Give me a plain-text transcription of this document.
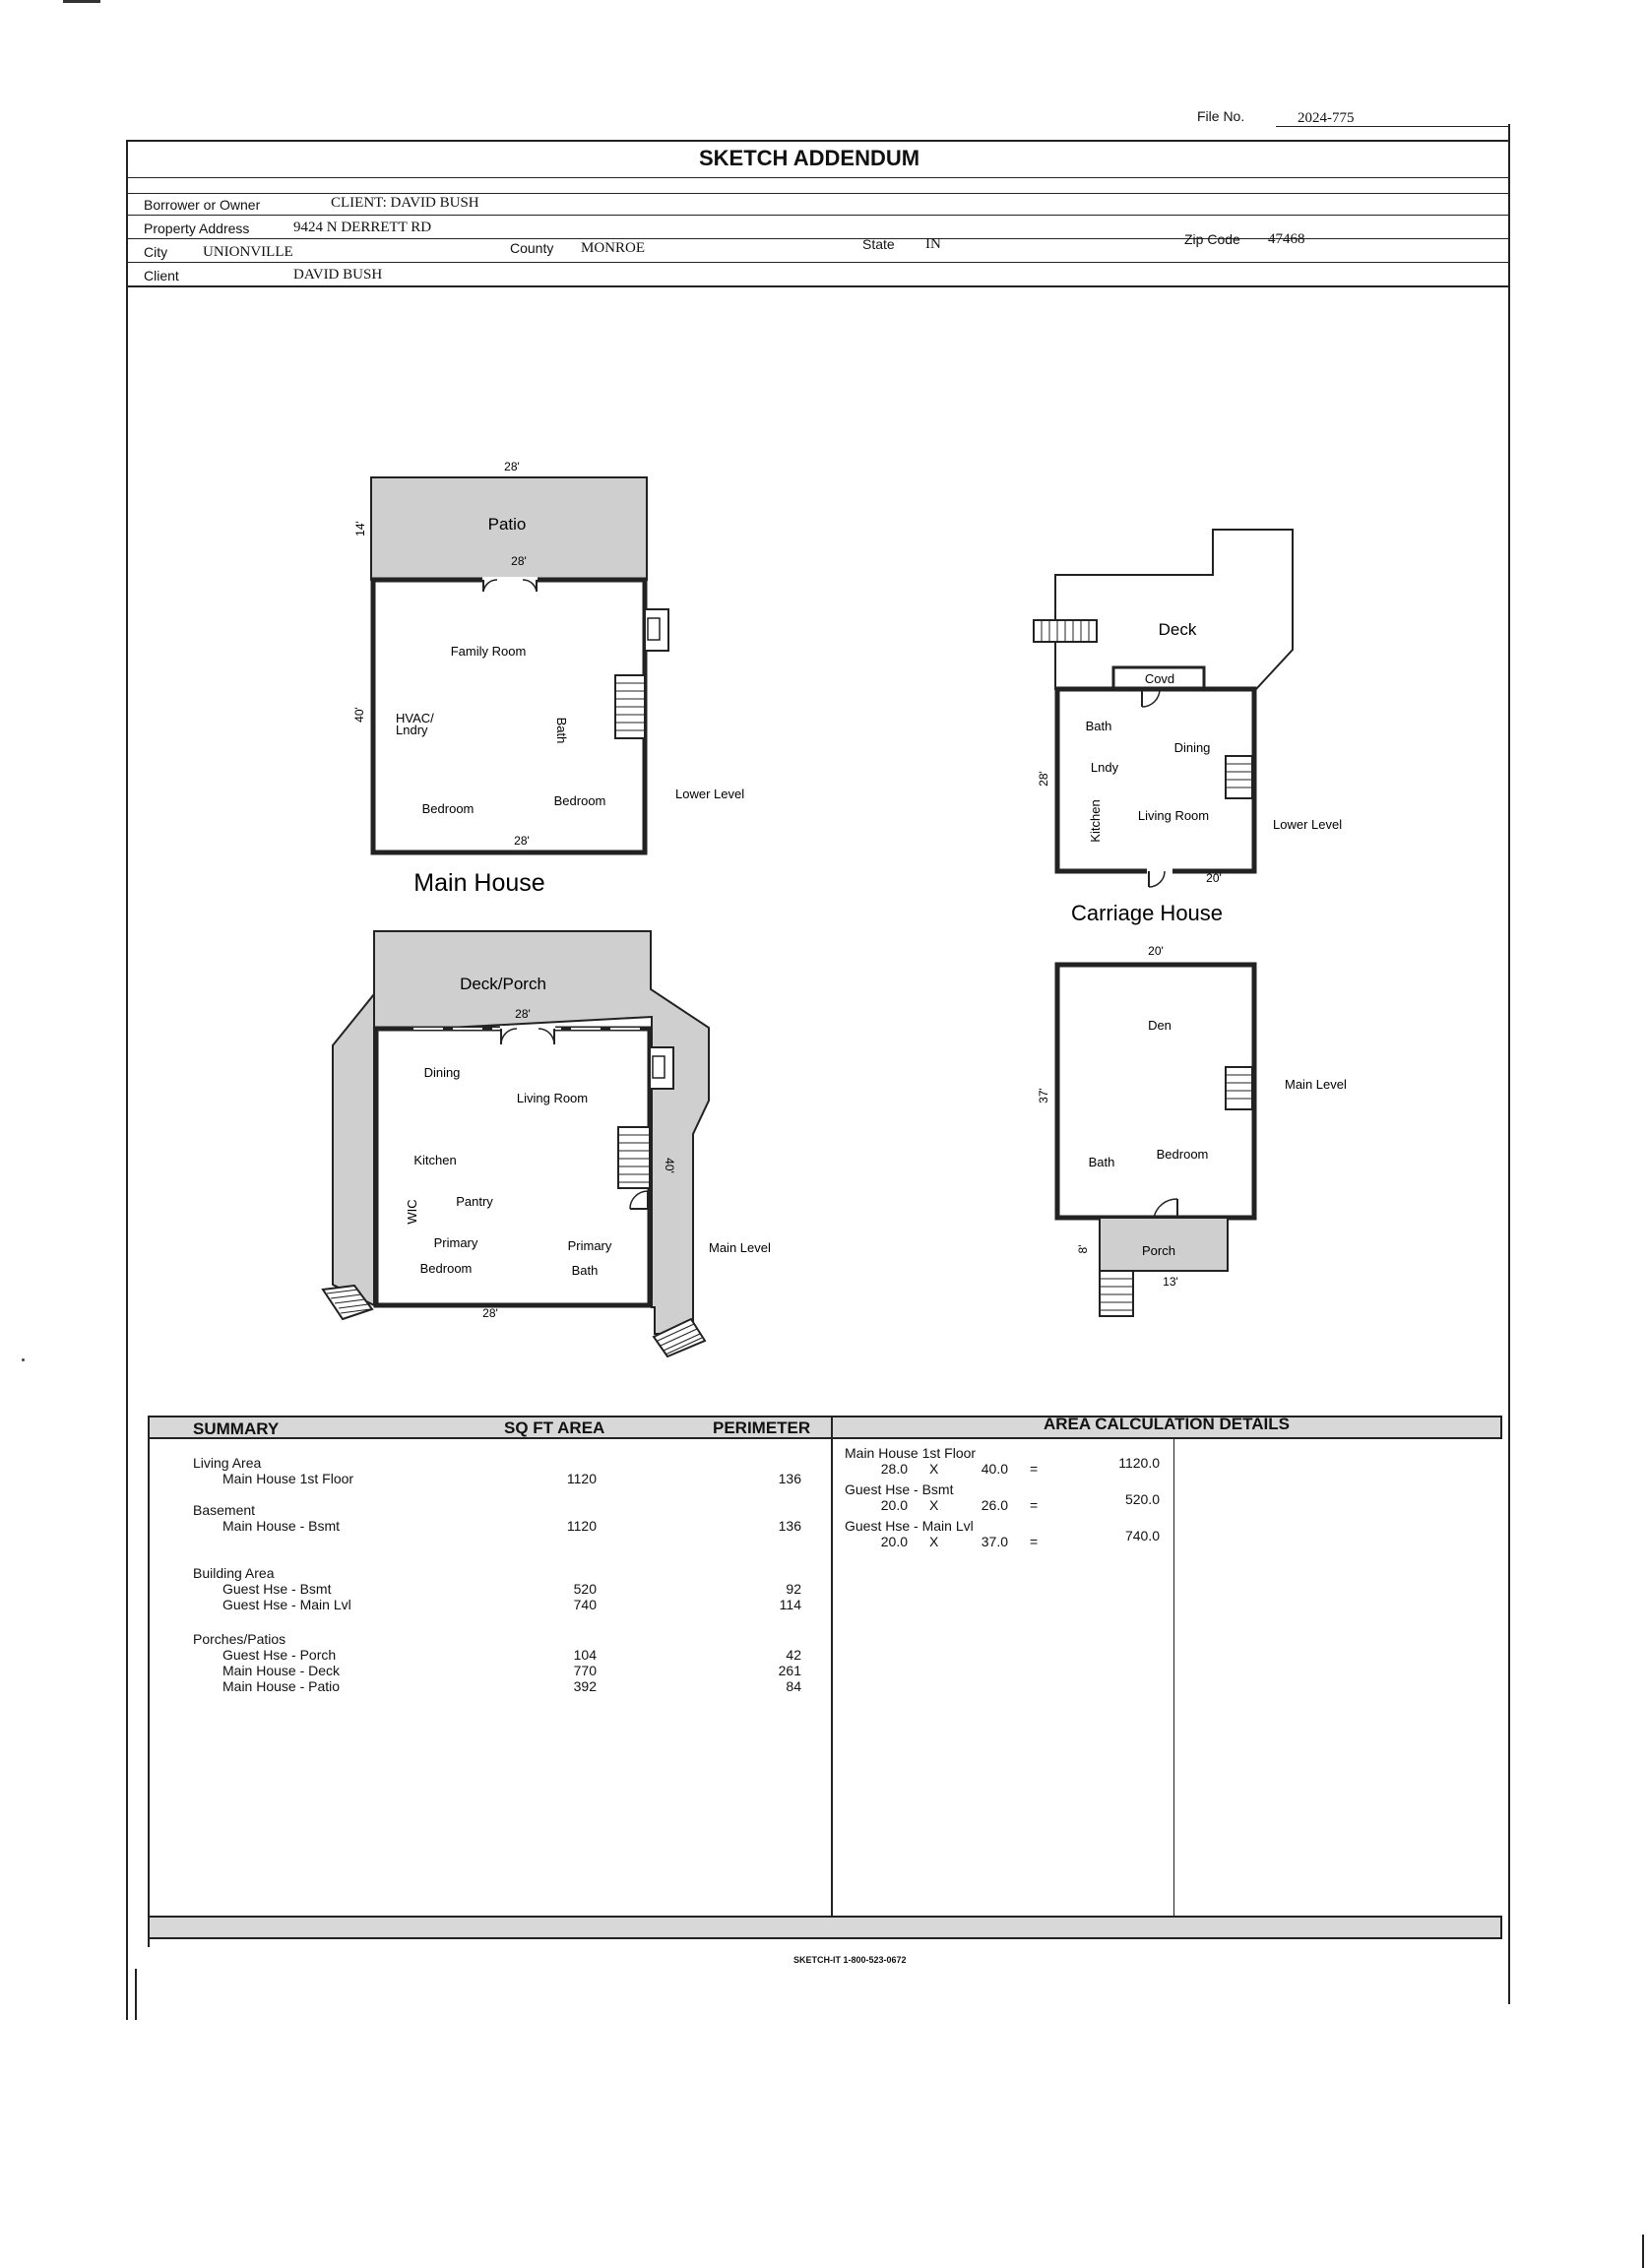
File No.	2024-775
SKETCH ADDENDUM
Borrower or Owner	CLIENT: DAVID BUSH
Property Address	9424 N DERRETT RD
City UNIONVILLE	County MONROE	State IN	Zip Code 47468
Client	DAVID BUSH
28'
14'	Patio
28'
40'
Family Room
HVAC/
Lndry	Bath
Bedroom
Bedroom
28'
Lower Level
Main House
Deck/Porch
28'
40'
Dining
Living Room
Kitchen
WIC	Pantry
Primary
Bedroom
Primary
Bath
28'
Main Level
Deck
Covd
Bath
Dining
Lndy
28'
Kitchen	Living Room
Lower Level
20'
Carriage House
20'
Den
37'
Main Level
Bedroom
Bath
8'	Porch
13'
SUMMARY	SQ FT AREA	PERIMETER	AREA CALCULATION DETAILS
Living Area
Main House 1st Floor	1120	136
Basement
Main House - Bsmt	1120	136
Building Area
Guest Hse - Bsmt	520	92
Guest Hse - Main Lvl	740	114
Porches/Patios
Guest Hse - Porch	104	42
Main House - Deck	770	261
Main House - Patio	392	84
Main House 1st Floor
28.0 X	40.0 =	1120.0
Guest Hse - Bsmt
20.0 X	26.0 =	520.0
Guest Hse - Main Lvl
20.0 X	37.0 =	740.0
SKETCH-IT 1-800-523-0672
